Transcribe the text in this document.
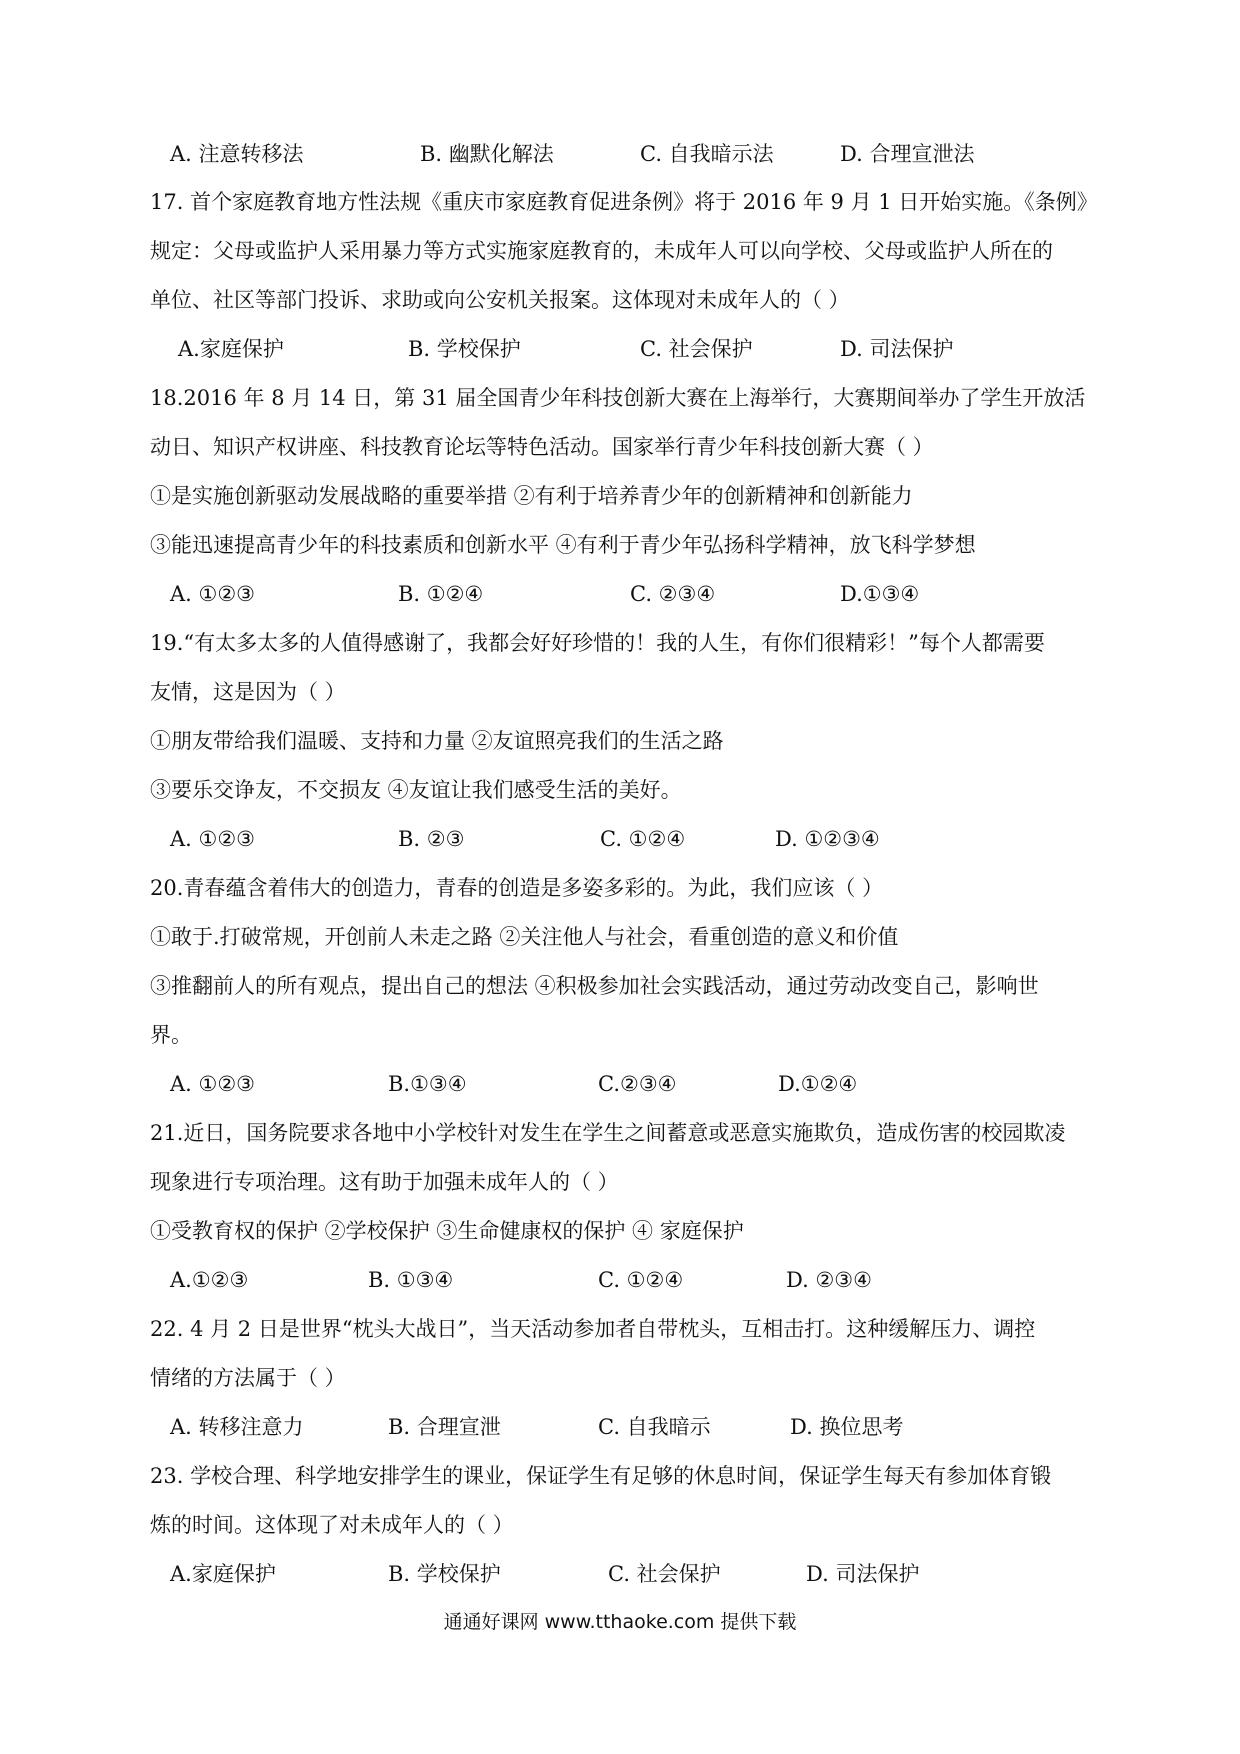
A. 注意转移法	B. 幽默化解法	C. 自我暗示法	D. 合理宣泄法
17. 首个家庭教育地方性法规《重庆市家庭教育促进条例》将于 2016 年 9 月 1 日开始实施。《条例》
规定：父母或监护人采用暴力等方式实施家庭教育的，未成年人可以向学校、父母或监护人所在的
单位、社区等部门投诉、求助或向公安机关报案。这体现对未成年人的（ ）
A.家庭保护	B. 学校保护	C. 社会保护	D. 司法保护
18.2016 年 8 月 14 日，第 31 届全国青少年科技创新大赛在上海举行，大赛期间举办了学生开放活
动日、知识产权讲座、科技教育论坛等特色活动。国家举行青少年科技创新大赛（ ）
①是实施创新驱动发展战略的重要举措 ②有利于培养青少年的创新精神和创新能力
③能迅速提高青少年的科技素质和创新水平 ④有利于青少年弘扬科学精神，放飞科学梦想
A. ①②③	B. ①②④	C. ②③④	D.①③④
19.“有太多太多的人值得感谢了，我都会好好珍惜的！我的人生，有你们很精彩！”每个人都需要
友情，这是因为（ ）
①朋友带给我们温暖、支持和力量 ②友谊照亮我们的生活之路
③要乐交诤友，不交损友 ④友谊让我们感受生活的美好。
A. ①②③	B. ②③	C. ①②④	D. ①②③④
20.青春蕴含着伟大的创造力，青春的创造是多姿多彩的。为此，我们应该（ ）
①敢于.打破常规，开创前人未走之路 ②关注他人与社会，看重创造的意义和价值
③推翻前人的所有观点，提出自己的想法 ④积极参加社会实践活动，通过劳动改变自己，影响世
界。
A. ①②③	B.①③④	C.②③④	D.①②④
21.近日，国务院要求各地中小学校针对发生在学生之间蓄意或恶意实施欺负，造成伤害的校园欺凌
现象进行专项治理。这有助于加强未成年人的（ ）
①受教育权的保护 ②学校保护 ③生命健康权的保护 ④ 家庭保护
A.①②③	B. ①③④	C. ①②④	D. ②③④
22. 4 月 2 日是世界“枕头大战日”，当天活动参加者自带枕头，互相击打。这种缓解压力、调控
情绪的方法属于（ ）
A. 转移注意力	B. 合理宣泄	C. 自我暗示	D. 换位思考
23. 学校合理、科学地安排学生的课业，保证学生有足够的休息时间，保证学生每天有参加体育锻
炼的时间。这体现了对未成年人的（ ）
A.家庭保护	B. 学校保护	C. 社会保护	D. 司法保护
通通好课网 www.tthaoke.com 提供下载
